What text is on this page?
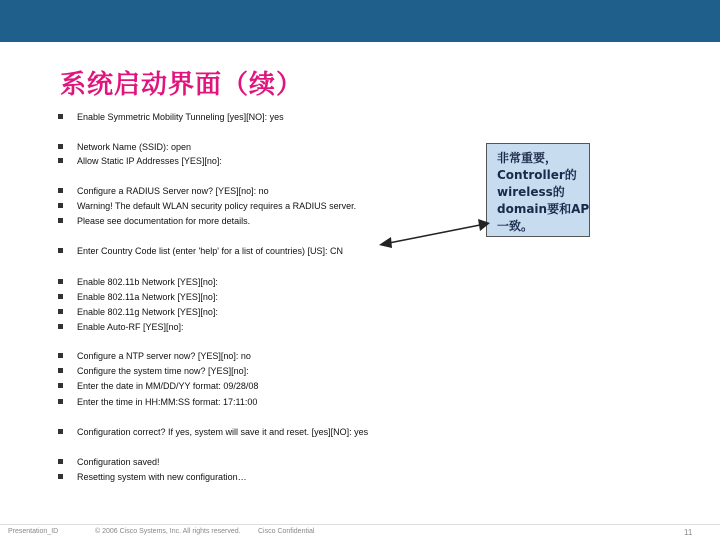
系统启动界面（续）
Enable Symmetric Mobility Tunneling [yes][NO]: yes
Network Name (SSID): open
Allow Static IP Addresses [YES][no]:
Configure a RADIUS Server now? [YES][no]: no
Warning! The default WLAN security policy requires a RADIUS server.
Please see documentation for more details.
Enter Country Code list (enter 'help' for a list of countries) [US]: CN
Enable 802.11b Network [YES][no]:
Enable 802.11a Network [YES][no]:
Enable 802.11g Network [YES][no]:
Enable Auto-RF [YES][no]:
Configure a NTP server now? [YES][no]: no
Configure the system time now? [YES][no]:
Enter the date in MM/DD/YY format: 09/28/08
Enter the time in HH:MM:SS format: 17:11:00
Configuration correct? If yes, system will save it and reset. [yes][NO]: yes
Configuration saved!
Resetting system with new configuration…
非常重要，
Controller的
wireless的
domain要和AP
一致。
Presentation_ID	© 2006 Cisco Systems, Inc. All rights reserved. Cisco Confidential	11
